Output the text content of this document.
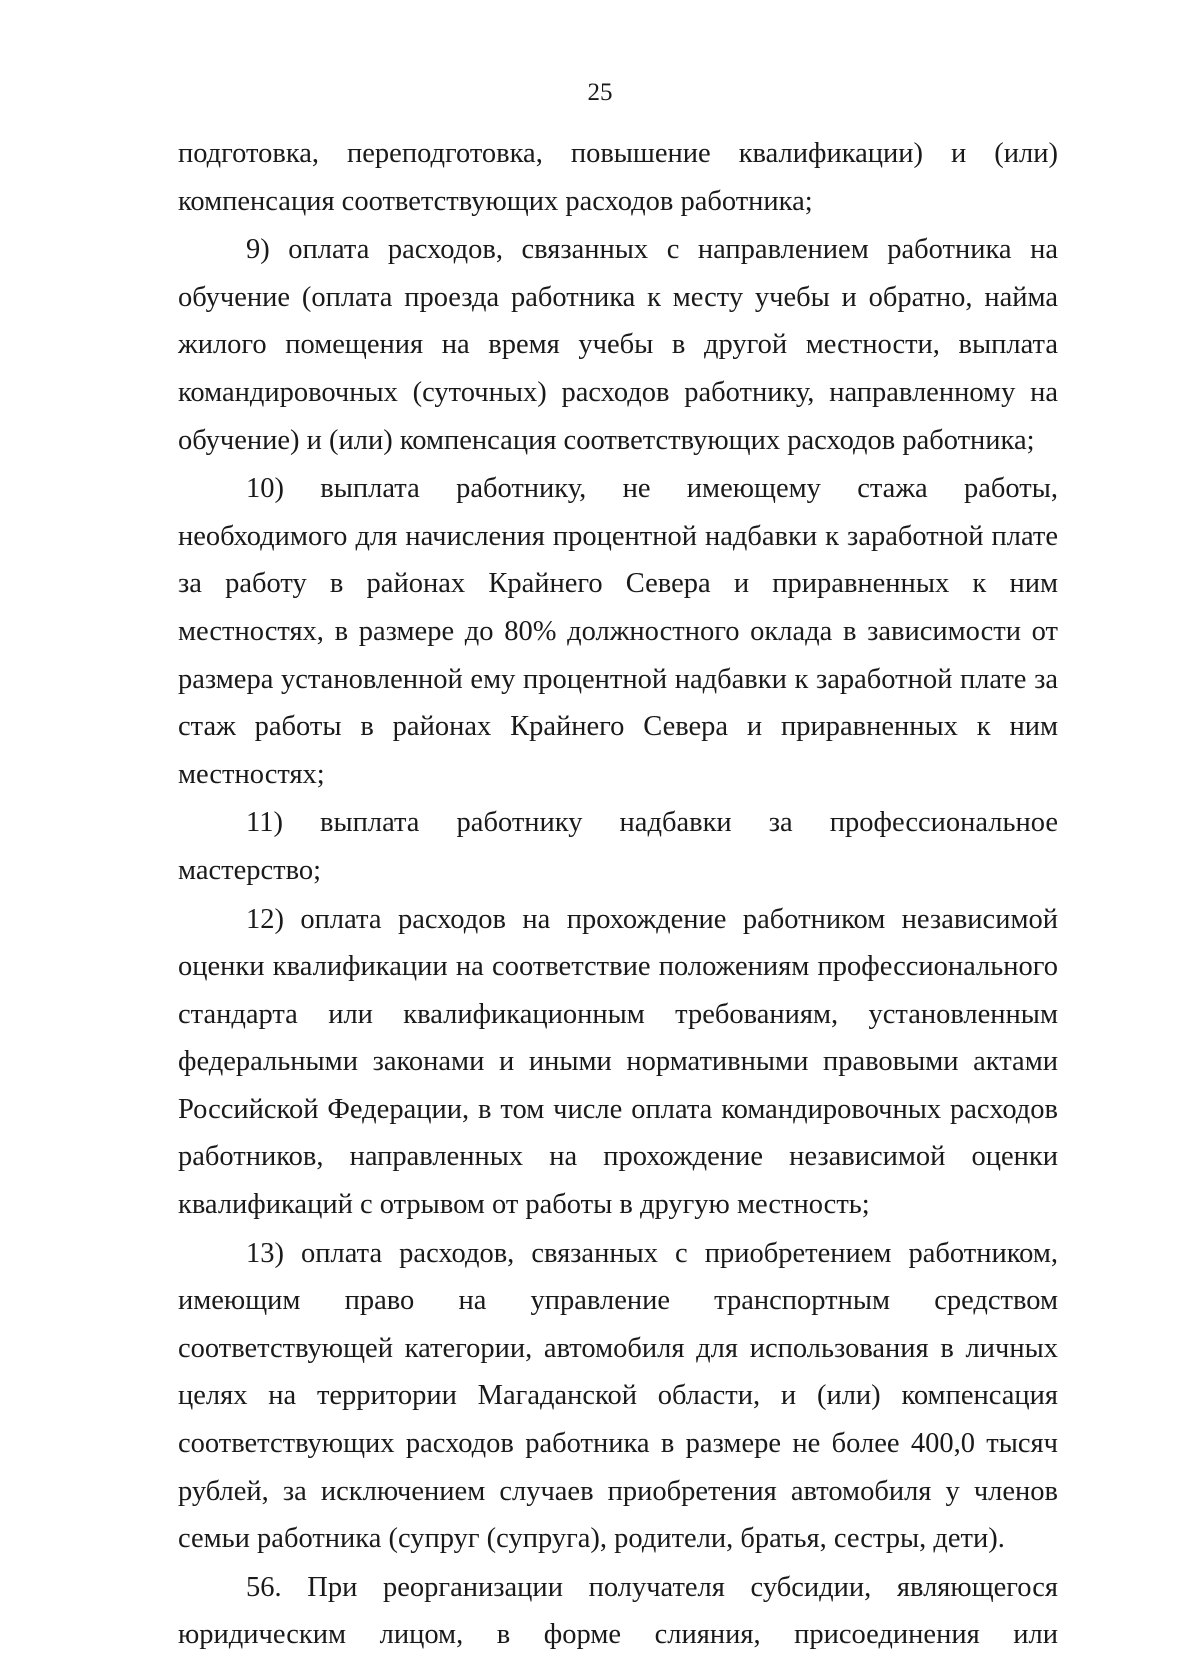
25

подготовка, переподготовка, повышение квалификации) и (или) компенсация соответствующих расходов работника;

9) оплата расходов, связанных с направлением работника на обучение (оплата проезда работника к месту учебы и обратно, найма жилого помещения на время учебы в другой местности, выплата командировочных (суточных) расходов работнику, направленному на обучение) и (или) компенсация соответствующих расходов работника;

10) выплата работнику, не имеющему стажа работы, необходимого для начисления процентной надбавки к заработной плате за работу в районах Крайнего Севера и приравненных к ним местностях, в размере до 80% должностного оклада в зависимости от размера установленной ему процентной надбавки к заработной плате за стаж работы в районах Крайнего Севера и приравненных к ним местностях;

11) выплата работнику надбавки за профессиональное мастерство;

12) оплата расходов на прохождение работником независимой оценки квалификации на соответствие положениям профессионального стандарта или квалификационным требованиям, установленным федеральными законами и иными нормативными правовыми актами Российской Федерации, в том числе оплата командировочных расходов работников, направленных на прохождение независимой оценки квалификаций с отрывом от работы в другую местность;

13) оплата расходов, связанных с приобретением работником, имеющим право на управление транспортным средством соответствующей категории, автомобиля для использования в личных целях на территории Магаданской области, и (или) компенсация соответствующих расходов работника в размере не более 400,0 тысяч рублей, за исключением случаев приобретения автомобиля у членов семьи работника (супруг (супруга), родители, братья, сестры, дети).

56. При реорганизации получателя субсидии, являющегося юридическим лицом, в форме слияния, присоединения или
